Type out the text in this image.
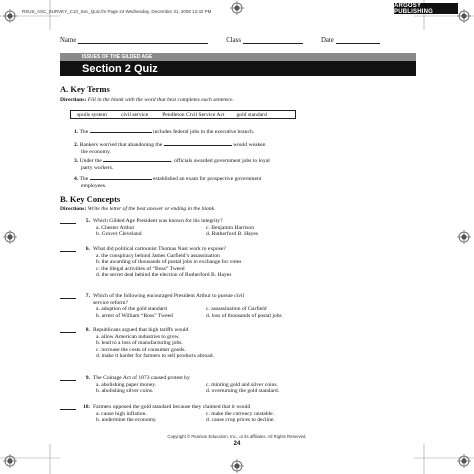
RSUS_ASC_SURVEY_C10_Sec_Quiz.fm Page 24 Wednesday, December 31, 2008 12:42 PM
ARGOSY PUBLISHING
Name	Class	Date
ISSUES OF THE GILDED AGE
Section 2 Quiz
A. Key Terms
Directions: Fill in the blank with the word that best completes each sentence.
spoils system	civil service	Pendleton Civil Service Act gold standard
1. The	includes federal jobs in the executive branch.
2. Bankers worried that abandoning the	would weaken
the economy.
3. Under the	, officials awarded government jobs to loyal
party workers.
4. The	established an exam for prospective government
employees.
B. Key Concepts
Directions: Write the letter of the best answer or ending in the blank.
5. Which Gilded Age President was known for his integrity?
a. Chester Arthur	c. Benjamin Harrison
b. Grover Cleveland	d. Rutherford B. Hayes
6. What did political cartoonist Thomas Nast work to expose?
a. the conspiracy behind James Garfield’s assassination
b. the awarding of thousands of postal jobs in exchange for votes
c. the illegal activities of “Boss” Tweed
d. the secret deal behind the election of Rutherford B. Hayes
7. Which of the following encouraged President Arthur to pursue civil
service reform?
a. adoption of the gold standard	c. assassination of Garfield
b. arrest of William “Boss” Tweed	d. loss of thousands of postal jobs
8. Republicans argued that high tariffs would
a. allow American industries to grow.
b. lead to a loss of manufacturing jobs.
c. increase the costs of consumer goods.
d. make it harder for farmers to sell products abroad.
9. The Coinage Act of 1873 caused protest by
a. abolishing paper money.	c. minting gold and silver coins.
b. abolishing silver coins.	d. overturning the gold standard.
10. Farmers opposed the gold standard because they claimed that it would
a. cause high inflation.	c. make the currency unstable.
b. undermine the economy.	d. cause crop prices to decline.
Copyright © Pearson Education, Inc., or its affiliates. All Rights Reserved.
24
